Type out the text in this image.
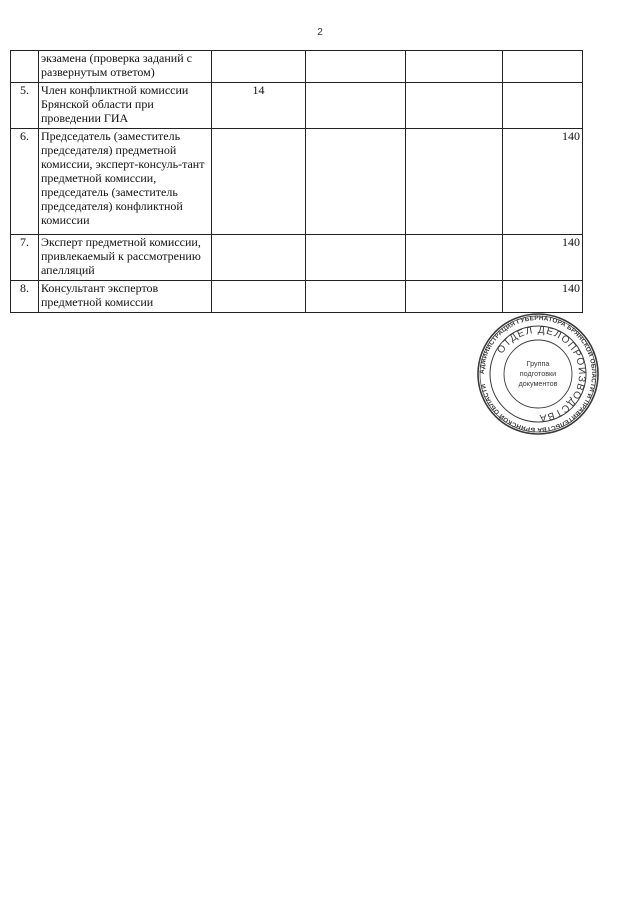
2
	экзамена (проверка заданий с развернутым ответом)				
5.	Член конфликтной комиссии Брянской области при проведении ГИА	14			
6.	Председатель (заместитель председателя) предметной комиссии, эксперт-консуль-тант предметной комиссии, председатель (заместитель председателя) конфликтной комиссии				140
7.	Эксперт предметной комиссии, привлекаемый к рассмотрению апелляций				140
8.	Консультант экспертов предметной комиссии				140
АДМИНИСТРАЦИЯ ГУБЕРНАТОРА БРЯНСКОЙ ОБЛАСТИ И ПРАВИТЕЛЬСТВА БРЯНСКОЙ ОБЛАСТИ
ОТДЕЛ ДЕЛОПРОИЗВОДСТВА
Группа
подготовки
документов
